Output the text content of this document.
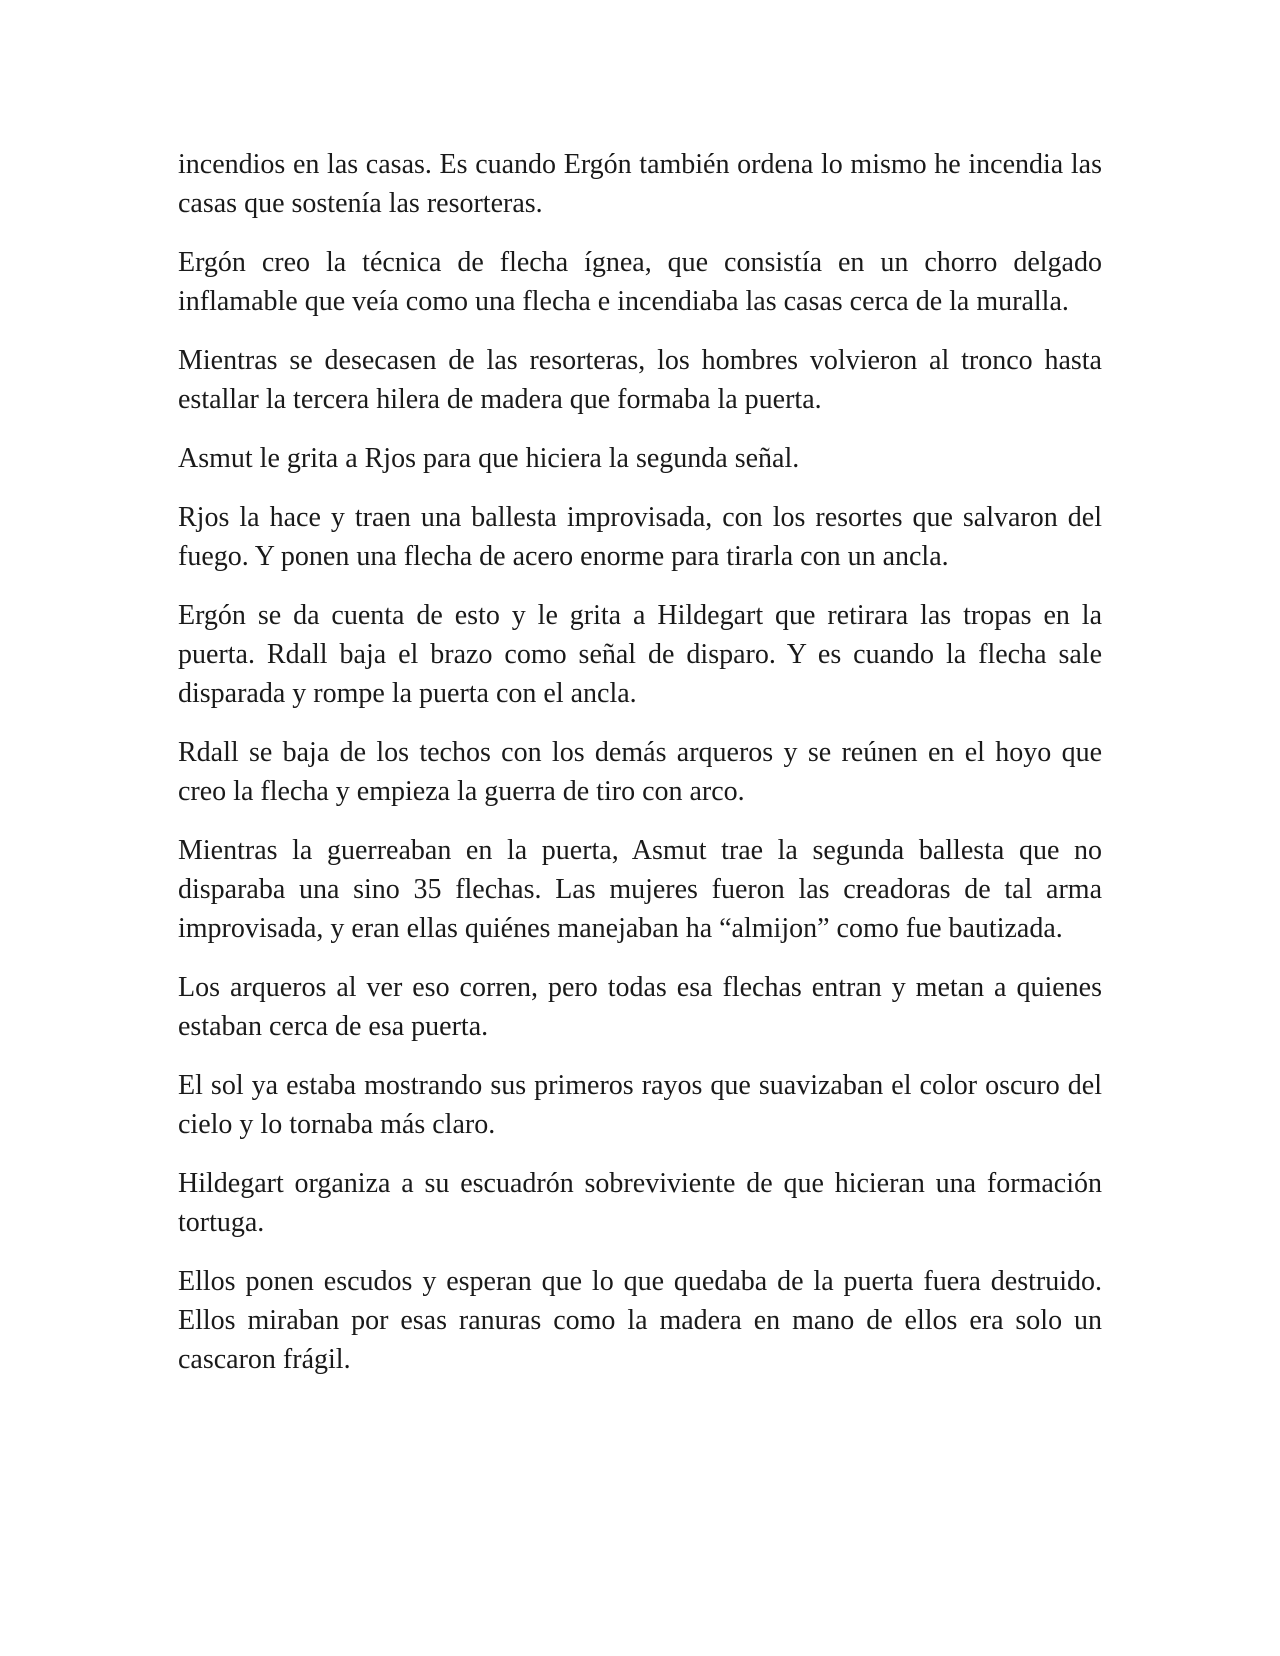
incendios en las casas. Es cuando Ergón también ordena lo mismo he incendia las casas que sostenía las resorteras.

Ergón creo la técnica de flecha ígnea, que consistía en un chorro delgado inflamable que veía como una flecha e incendiaba las casas cerca de la muralla.

Mientras se desecasen de las resorteras, los hombres volvieron al tronco hasta estallar la tercera hilera de madera que formaba la puerta.

Asmut le grita a Rjos para que hiciera la segunda señal.

Rjos la hace y traen una ballesta improvisada, con los resortes que salvaron del fuego. Y ponen una flecha de acero enorme para tirarla con un ancla.

Ergón se da cuenta de esto y le grita a Hildegart que retirara las tropas en la puerta. Rdall baja el brazo como señal de disparo. Y es cuando la flecha sale disparada y rompe la puerta con el ancla.

Rdall se baja de los techos con los demás arqueros y se reúnen en el hoyo que creo la flecha y empieza la guerra de tiro con arco.

Mientras la guerreaban en la puerta, Asmut trae la segunda ballesta que no disparaba una sino 35 flechas. Las mujeres fueron las creadoras de tal arma improvisada, y eran ellas quiénes manejaban ha “almijon” como fue bautizada.

Los arqueros al ver eso corren, pero todas esa flechas entran y metan a quienes estaban cerca de esa puerta.

El sol ya estaba mostrando sus primeros rayos que suavizaban el color oscuro del cielo y lo tornaba más claro.

Hildegart organiza a su escuadrón sobreviviente de que hicieran una formación tortuga.

Ellos ponen escudos y esperan que lo que quedaba de la puerta fuera destruido. Ellos miraban por esas ranuras como la madera en mano de ellos era solo un cascaron frágil.
